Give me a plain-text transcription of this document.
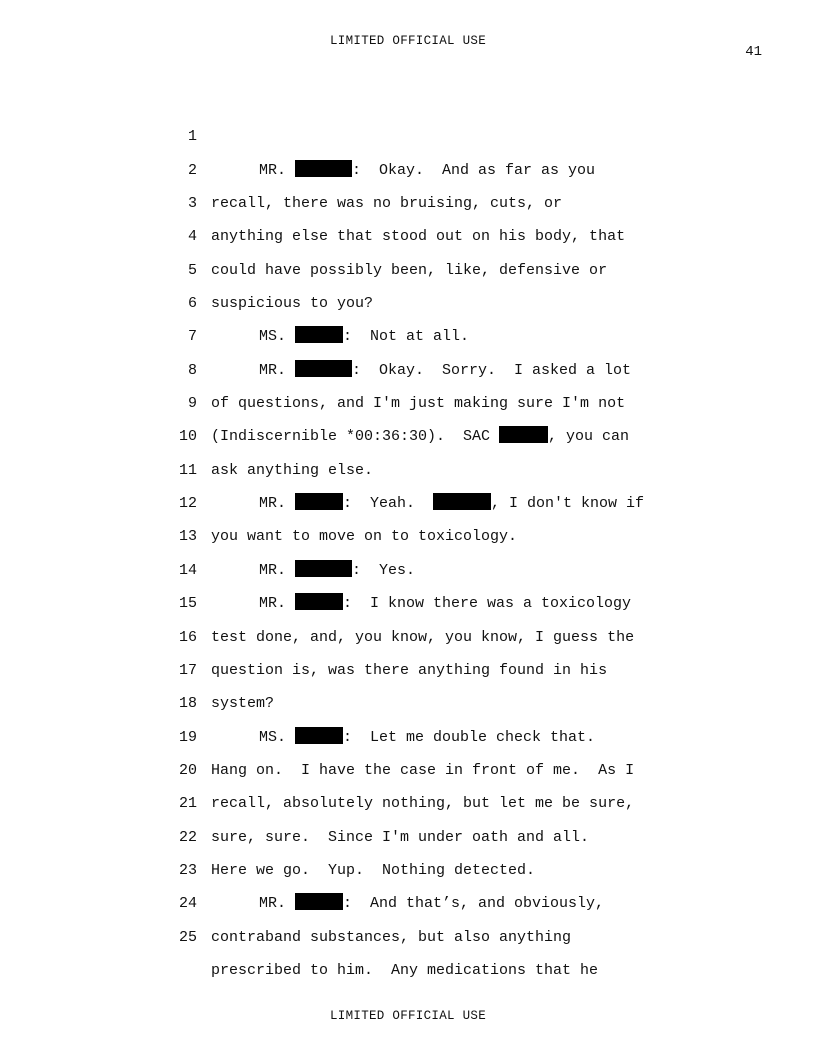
LIMITED OFFICIAL USE
41

1

MR.	:  Okay.  And as far as you

2

recall, there was no bruising, cuts, or

3

anything else that stood out on his body, that

4

could have possibly been, like, defensive or

5

suspicious to you?

6

MS.	:  Not at all.

7

MR.	:  Okay.  Sorry.  I asked a lot

8

of questions, and I'm just making sure I'm not

9

(Indiscernible *00:36:30).  SAC	, you can

10

ask anything else.

11

MR.	:  Yeah.	, I don't know if

12

you want to move on to toxicology.

13

MR.	:  Yes.

14

MR.	:  I know there was a toxicology

15

test done, and, you know, you know, I guess the

16

question is, was there anything found in his

17

system?

18

MS.	:  Let me double check that.

19

Hang on.  I have the case in front of me.  As I

20

recall, absolutely nothing, but let me be sure,

21

sure, sure.  Since I'm under oath and all.

22

Here we go.  Yup.  Nothing detected.

23

MR.	:  And that’s, and obviously,

24

contraband substances, but also anything

25

prescribed to him.  Any medications that he

LIMITED OFFICIAL USE
